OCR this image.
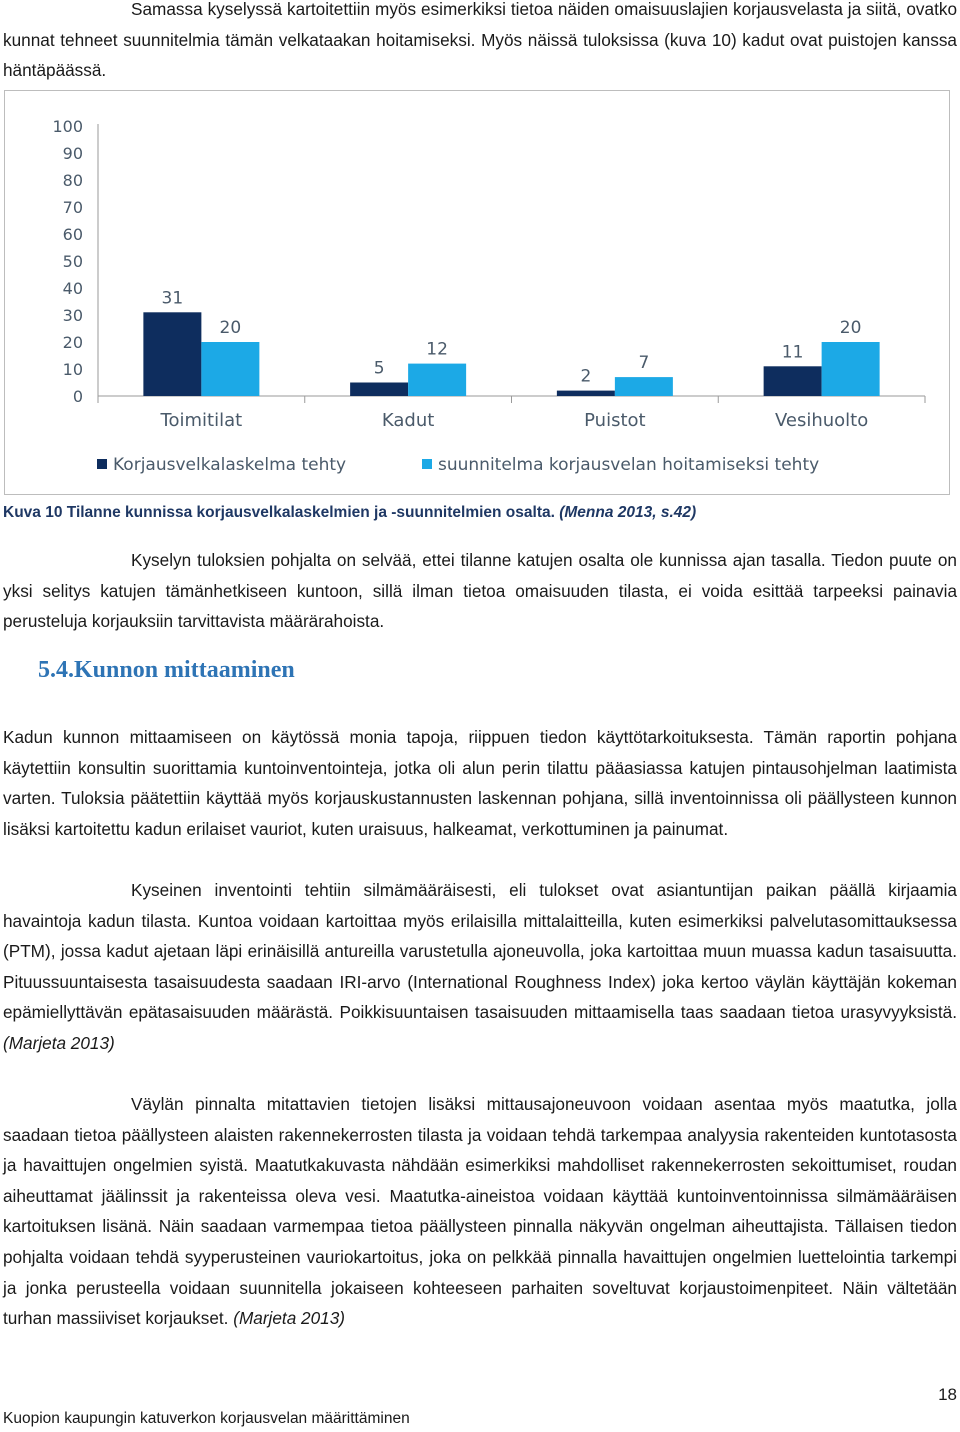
Samassa kyselyssä kartoitettiin myös esimerkiksi tietoa näiden omaisuuslajien korjausvelasta ja siitä, ovatko kunnat tehneet suunnitelmia tämän velkataakan hoitamiseksi. Myös näissä tuloksissa (kuva 10) kadut ovat puistojen kanssa häntäpäässä.

0
10
20
30
40
50
60
70
80
90
100
31
20
Toimitilat
5
12
Kadut
2
7
Puistot
11
20
Vesihuolto
Korjausvelkalaskelma tehty	suunnitelma korjausvelan hoitamiseksi tehty
Kuva 10 Tilanne kunnissa korjausvelkalaskelmien ja -suunnitelmien osalta. (Menna 2013, s.42)

Kyselyn tuloksien pohjalta on selvää, ettei tilanne katujen osalta ole kunnissa ajan tasalla. Tiedon puute on yksi selitys katujen tämänhetkiseen kuntoon, sillä ilman tietoa omaisuuden tilasta, ei voida esittää tarpeeksi painavia perusteluja korjauksiin tarvittavista määrärahoista.

5.4.Kunnon mittaaminen

Kadun kunnon mittaamiseen on käytössä monia tapoja, riippuen tiedon käyttötarkoituksesta. Tämän raportin pohjana käytettiin konsultin suorittamia kuntoinventointeja, jotka oli alun perin tilattu pääasiassa katujen pintausohjelman laatimista varten. Tuloksia päätettiin käyttää myös korjauskustannusten laskennan pohjana, sillä inventoinnissa oli päällysteen kunnon lisäksi kartoitettu kadun erilaiset vauriot, kuten uraisuus, halkeamat, verkottuminen ja painumat.

Kyseinen inventointi tehtiin silmämääräisesti, eli tulokset ovat asiantuntijan paikan päällä kirjaamia havaintoja kadun tilasta. Kuntoa voidaan kartoittaa myös erilaisilla mittalaitteilla, kuten esimerkiksi palvelutasomittauksessa (PTM), jossa kadut ajetaan läpi erinäisillä antureilla varustetulla ajoneuvolla, joka kartoittaa muun muassa kadun tasaisuutta. Pituussuuntaisesta tasaisuudesta saadaan IRI-arvo (International Roughness Index) joka kertoo väylän käyttäjän kokeman epämiellyttävän epätasaisuuden määrästä. Poikkisuuntaisen tasaisuuden mittaamisella taas saadaan tietoa urasyvyyksistä. (Marjeta 2013)

Väylän pinnalta mitattavien tietojen lisäksi mittausajoneuvoon voidaan asentaa myös maatutka, jolla saadaan tietoa päällysteen alaisten rakennekerrosten tilasta ja voidaan tehdä tarkempaa analyysia rakenteiden kuntotasosta ja havaittujen ongelmien syistä. Maatutkakuvasta nähdään esimerkiksi mahdolliset rakennekerrosten sekoittumiset, roudan aiheuttamat jäälinssit ja rakenteissa oleva vesi. Maatutka-aineistoa voidaan käyttää kuntoinventoinnissa silmämääräisen kartoituksen lisänä. Näin saadaan varmempaa tietoa päällysteen pinnalla näkyvän ongelman aiheuttajista. Tällaisen tiedon pohjalta voidaan tehdä syyperusteinen vauriokartoitus, joka on pelkkää pinnalla havaittujen ongelmien luettelointia tarkempi ja jonka perusteella voidaan suunnitella jokaiseen kohteeseen parhaiten soveltuvat korjaustoimenpiteet. Näin vältetään turhan massiiviset korjaukset. (Marjeta 2013)

18
Kuopion kaupungin katuverkon korjausvelan määrittäminen
